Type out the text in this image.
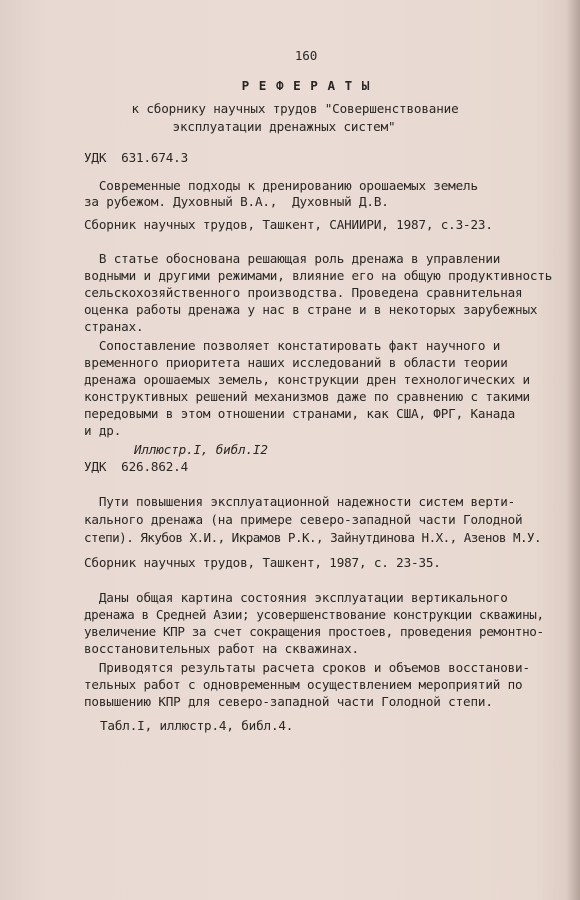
160
Р Е Ф Е Р А Т Ы
к сборнику научных трудов "Совершенствование
эксплуатации дренажных систем"
УДК  631.674.3
Современные подходы к дренированию орошаемых земель
за рубежом. Духовный В.А.,  Духовный Д.В.
Сборник научных трудов, Ташкент, САНИИРИ, 1987, с.3-23.
В статье обоснована решающая роль дренажа в управлении
водными и другими режимами, влияние его на общую продуктивность
сельскохозяйственного производства. Проведена сравнительная
оценка работы дренажа у нас в стране и в некоторых зарубежных
странах.
Сопоставление позволяет констатировать факт научного и
временного приоритета наших исследований в области теории
дренажа орошаемых земель, конструкции дрен технологических и
конструктивных решений механизмов даже по сравнению с такими
передовыми в этом отношении странами, как США, ФРГ, Канада
и др.
Иллюстр.I, библ.I2
УДК  626.862.4
Пути повышения эксплуатационной надежности систем верти-
кального дренажа (на примере северо-западной части Голодной
степи). Якубов Х.И., Икрамов Р.К., Зайнутдинова Н.Х., Азенов М.У.
Сборник научных трудов, Ташкент, 1987, с. 23-35.
Даны общая картина состояния эксплуатации вертикального
дренажа в Средней Азии; усовершенствование конструкции скважины,
увеличение КПР за счет сокращения простоев, проведения ремонтно-
восстановительных работ на скважинах.
Приводятся результаты расчета сроков и объемов восстанови-
тельных работ с одновременным осуществлением мероприятий по
повышению КПР для северо-западной части Голодной степи.
Табл.I, иллюстр.4, библ.4.
